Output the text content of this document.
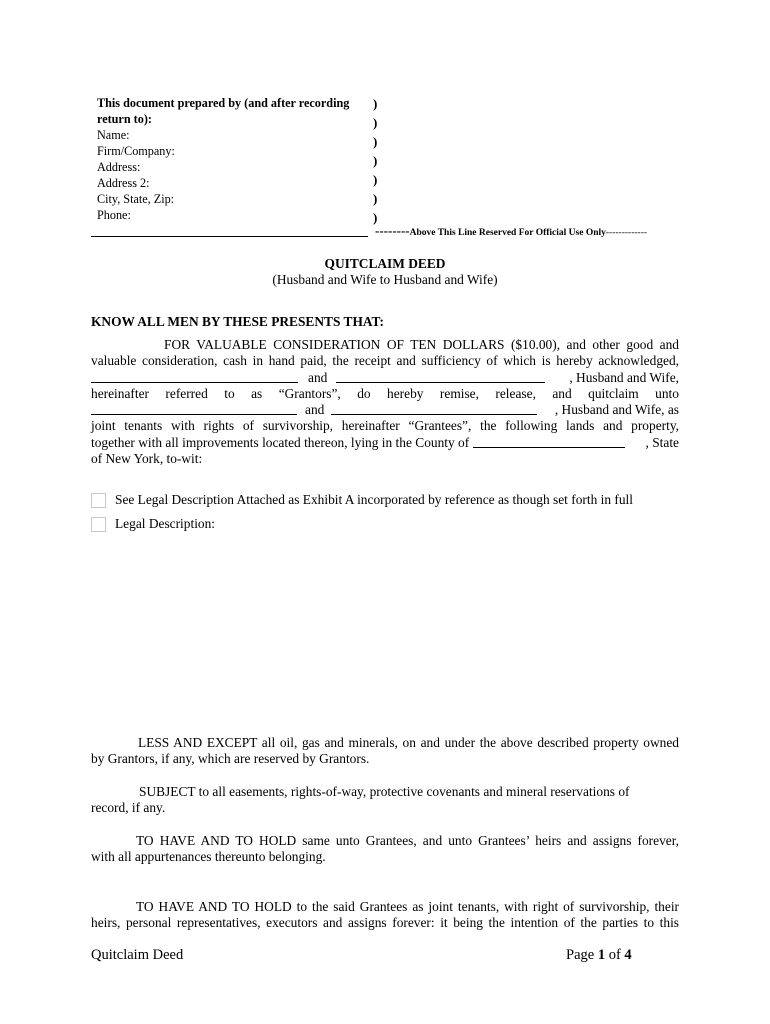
This document prepared by (and after recording
return to):
Name:
Firm/Company:
Address:
Address 2:
City, State, Zip:
Phone:
)
)
)
)
)
)
)
--------Above This Line Reserved For Official Use Only-------------
QUITCLAIM DEED
(Husband and Wife to Husband and Wife)
KNOW ALL MEN BY THESE PRESENTS THAT:
FOR VALUABLE CONSIDERATION OF TEN DOLLARS ($10.00), and other good and
valuable consideration, cash in hand paid, the receipt and sufficiency of which is hereby acknowledged,
and	, Husband and Wife,
hereinafter referred to as “Grantors”, do hereby remise, release, and quitclaim unto
and	, Husband and Wife, as
joint tenants with rights of survivorship, hereinafter “Grantees”, the following lands and property,
together with all improvements located thereon, lying in the County of	, State
of New York, to-wit:
See Legal Description Attached as Exhibit A incorporated by reference as though set forth in full
Legal Description:
LESS AND EXCEPT all oil, gas and minerals, on and under the above described property owned
by Grantors, if any, which are reserved by Grantors.
SUBJECT to all easements, rights-of-way, protective covenants and mineral reservations of
record, if any.
TO HAVE AND TO HOLD same unto Grantees, and unto Grantees’ heirs and assigns forever,
with all appurtenances thereunto belonging.
TO HAVE AND TO HOLD to the said Grantees as joint tenants, with right of survivorship, their
heirs, personal representatives, executors and assigns forever: it being the intention of the parties to this
Quitclaim Deed	Page 1 of 4
